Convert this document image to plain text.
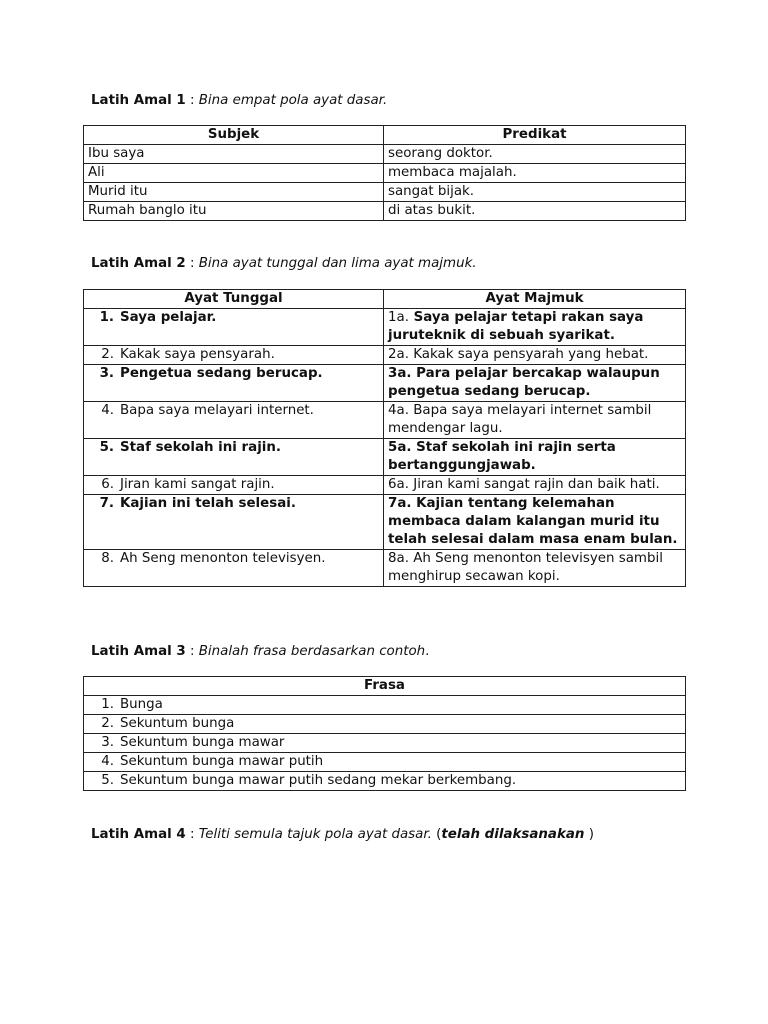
Latih Amal 1 : Bina empat pola ayat dasar.
Subjek	Predikat
Ibu saya	seorang doktor.
Ali	membaca majalah.
Murid itu	sangat bijak.
Rumah banglo itu	di atas bukit.
Latih Amal 2 : Bina ayat tunggal dan lima ayat majmuk.
Ayat Tunggal	Ayat Majmuk
1. Saya pelajar.	1a. Saya pelajar tetapi rakan saya juruteknik di sebuah syarikat.
2. Kakak saya pensyarah.	2a. Kakak saya pensyarah yang hebat.
3. Pengetua sedang berucap.	3a. Para pelajar bercakap walaupun pengetua sedang berucap.
4. Bapa saya melayari internet.	4a. Bapa saya melayari internet sambil mendengar lagu.
5. Staf sekolah ini rajin.	5a. Staf sekolah ini rajin serta bertanggungjawab.
6. Jiran kami sangat rajin.	6a. Jiran kami sangat rajin dan baik hati.
7. Kajian ini telah selesai.	7a. Kajian tentang kelemahan membaca dalam kalangan murid itu telah selesai dalam masa enam bulan.
8. Ah Seng menonton televisyen.	8a. Ah Seng menonton televisyen sambil menghirup secawan kopi.
Latih Amal 3 : Binalah frasa berdasarkan contoh.
Frasa
1. Bunga
2. Sekuntum bunga
3. Sekuntum bunga mawar
4. Sekuntum bunga mawar putih
5. Sekuntum bunga mawar putih sedang mekar berkembang.
Latih Amal 4 : Teliti semula tajuk pola ayat dasar. (telah dilaksanakan )
